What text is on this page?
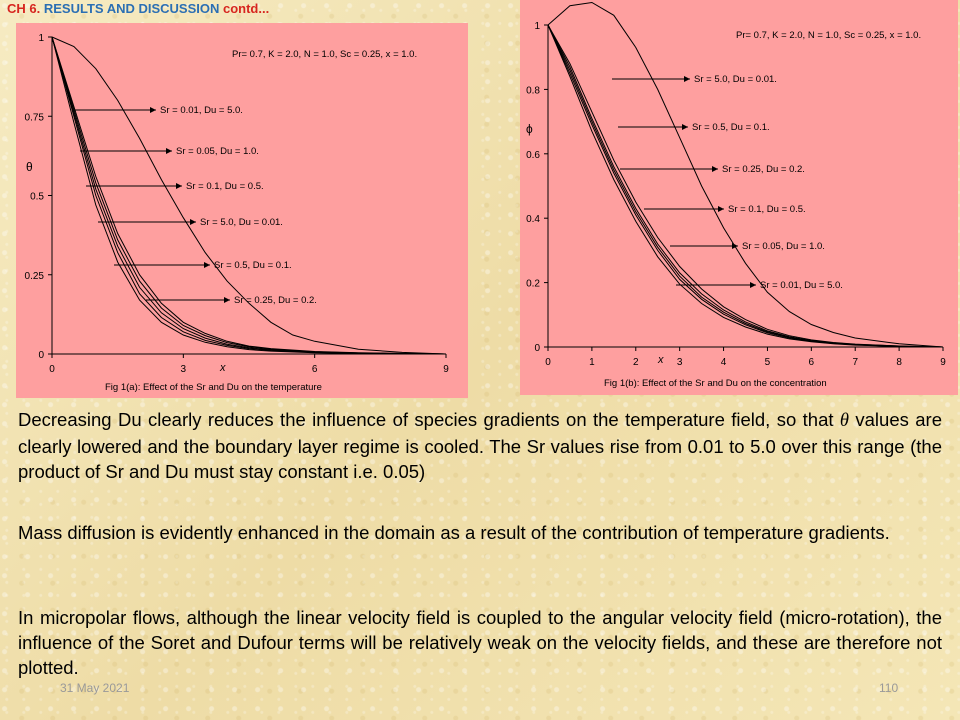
CH 6. RESULTS AND DISCUSSION contd...
0	3	6	9
0
0.25
0.5
0.75
1
x
θ
Pr= 0.7, K = 2.0, N = 1.0, Sc = 0.25, x = 1.0.
Fig 1(a): Effect of the Sr and Du on the temperature
Sr = 0.01, Du = 5.0.
Sr = 0.05, Du = 1.0.
Sr = 0.1, Du = 0.5.
Sr = 5.0, Du = 0.01.
Sr = 0.5, Du = 0.1.
Sr = 0.25, Du = 0.2.
0	1	2	3	4	5	6	7	8	9
0
0.2
0.4
0.6
0.8
1
x
ϕ
Pr= 0.7, K = 2.0, N = 1.0, Sc = 0.25, x = 1.0.
Fig 1(b): Effect of the Sr and Du on the concentration
Sr = 5.0, Du = 0.01.
Sr = 0.5, Du = 0.1.
Sr = 0.25, Du = 0.2.
Sr = 0.1, Du = 0.5.
Sr = 0.05, Du = 1.0.
Sr = 0.01, Du = 5.0.

Decreasing Du clearly reduces the influence of species gradients on the temperature field, so that θ values are clearly lowered and the boundary layer regime is cooled. The Sr values rise from 0.01 to 5.0 over this range (the product of Sr and Du must stay constant i.e. 0.05)

Mass diffusion is evidently enhanced in the domain as a result of the contribution of temperature gradients.

In micropolar flows, although the linear velocity field is coupled to the angular velocity field (micro-rotation), the influence of the Soret and Dufour terms will be relatively weak on the velocity fields, and these are therefore not plotted.

31 May 2021	110
